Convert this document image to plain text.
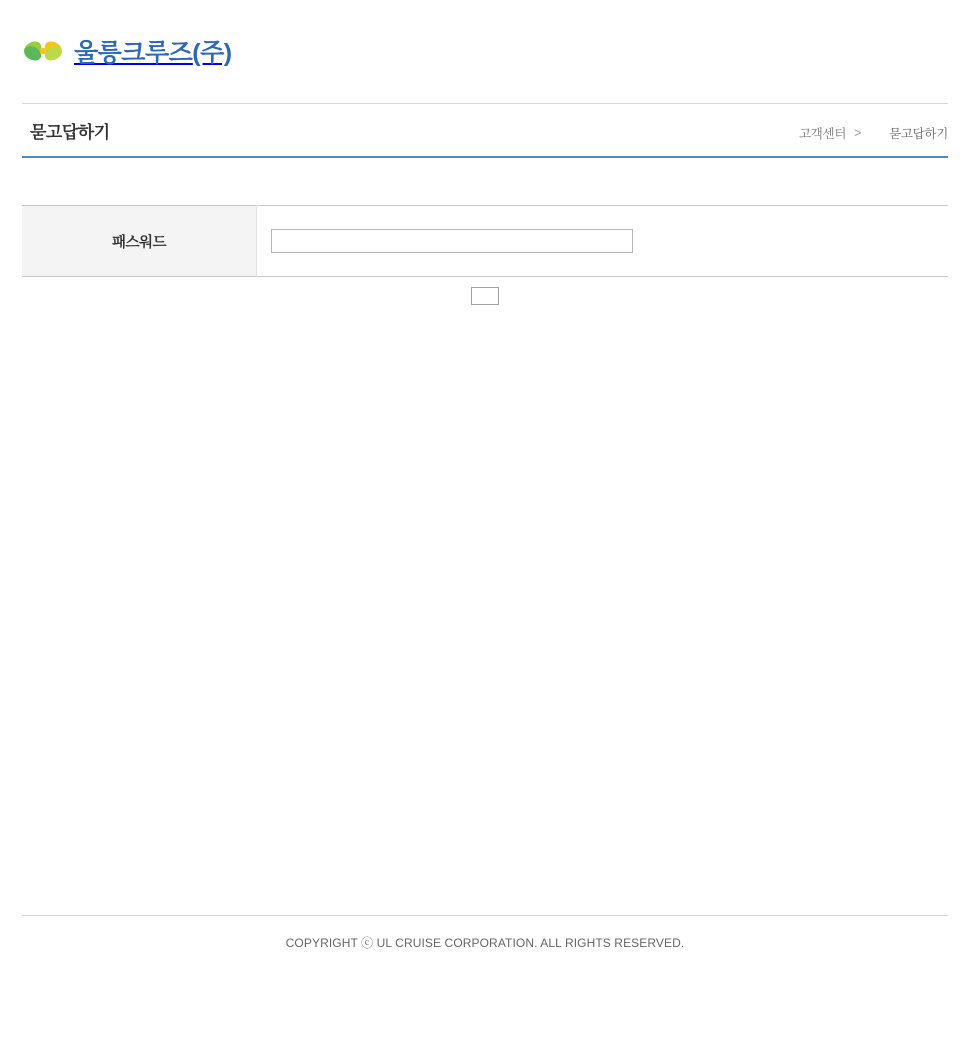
울릉크루즈(주)
묻고답하기	고객센터 > 묻고답하기
패스워드	
COPYRIGHT ⓒ UL CRUISE CORPORATION. ALL RIGHTS RESERVED.
